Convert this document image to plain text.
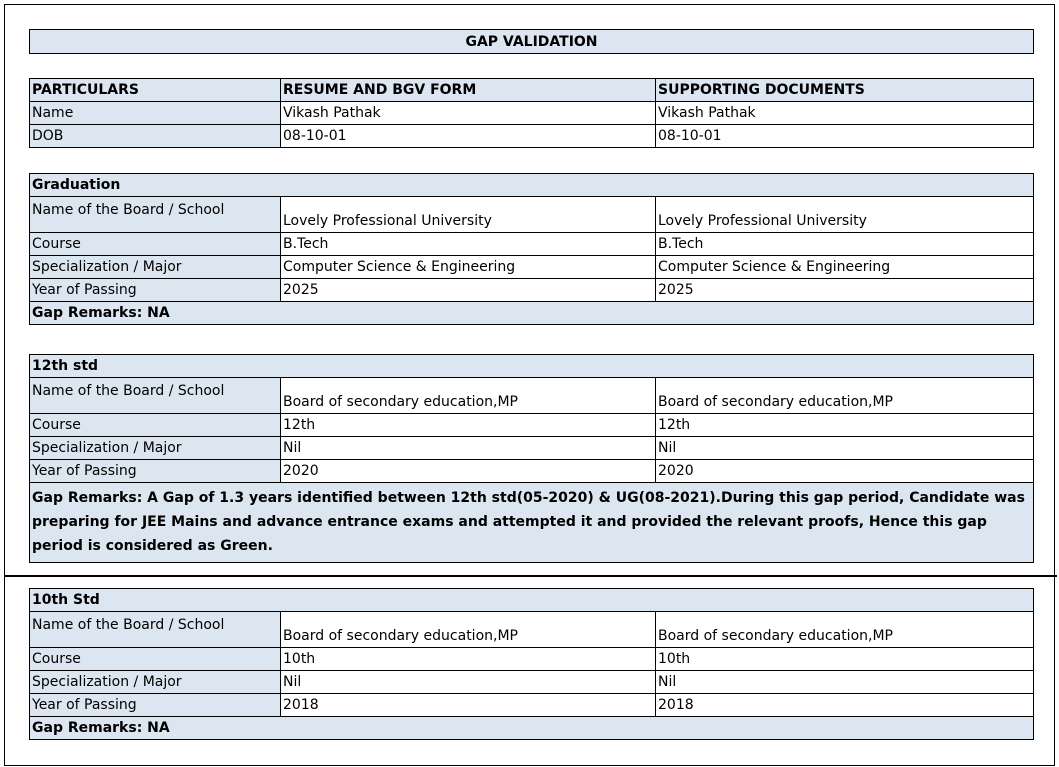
GAP VALIDATION
PARTICULARS	RESUME AND BGV FORM	SUPPORTING DOCUMENTS
Name	Vikash Pathak	Vikash Pathak
DOB	08-10-01	08-10-01
Graduation		
Name of the Board / School	Lovely Professional University	Lovely Professional University
Course	B.Tech	B.Tech
Specialization / Major	Computer Science & Engineering	Computer Science & Engineering
Year of Passing	2025	2025
Gap Remarks: NA		
12th std		
Name of the Board / School	Board of secondary education,MP	Board of secondary education,MP
Course	12th	12th
Specialization / Major	Nil	Nil
Year of Passing	2020	2020
Gap Remarks: A Gap of 1.3 years identified between 12th std(05-2020) & UG(08-2021).During this gap period, Candidate was preparing for JEE Mains and advance entrance exams and attempted it and provided the relevant proofs, Hence this gap period is considered as Green.		
10th Std		
Name of the Board / School	Board of secondary education,MP	Board of secondary education,MP
Course	10th	10th
Specialization / Major	Nil	Nil
Year of Passing	2018	2018
Gap Remarks: NA		
